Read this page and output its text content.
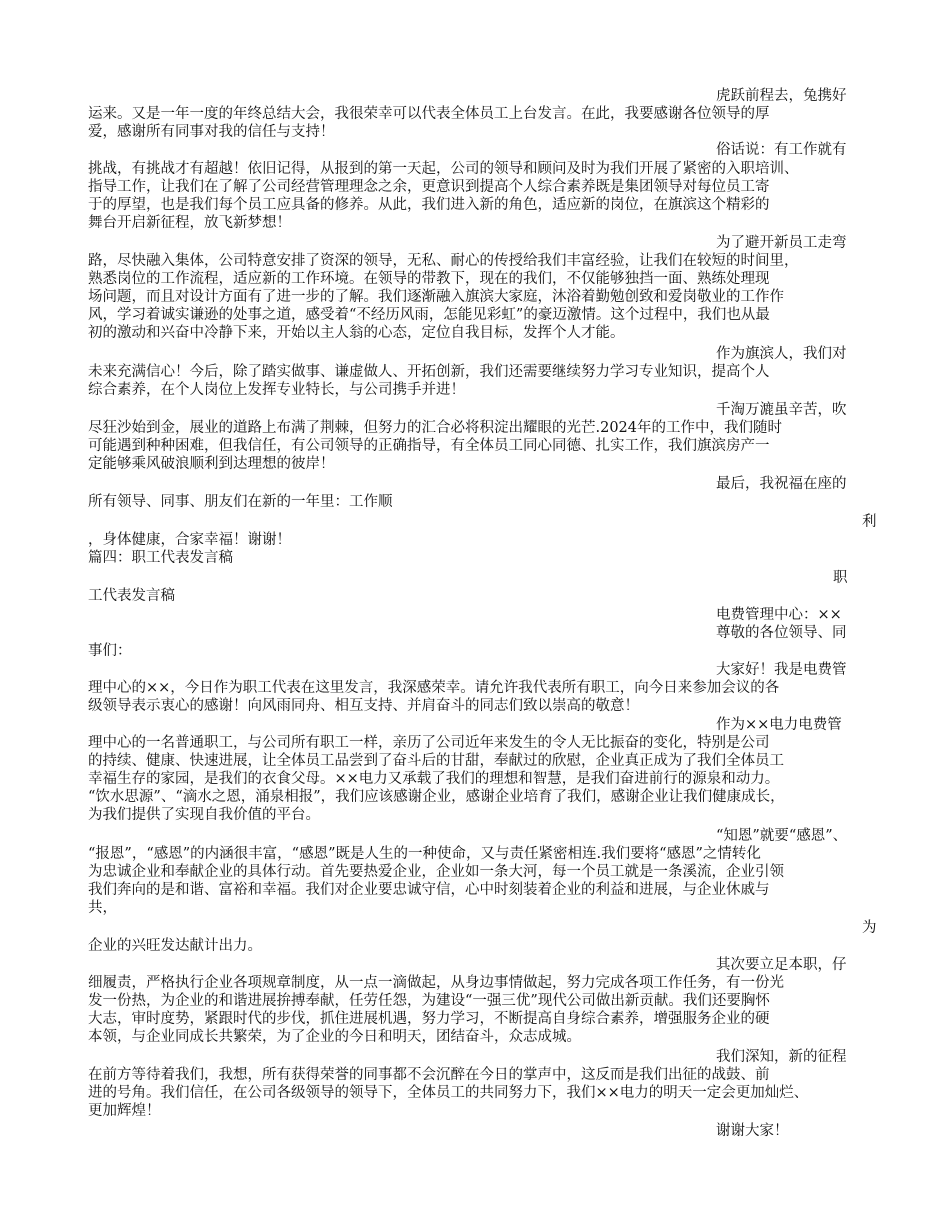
虎跃前程去，兔携好
运来。又是一年一度的年终总结大会，我很荣幸可以代表全体员工上台发言。在此，我要感谢各位领导的厚
爱，感谢所有同事对我的信任与支持！
俗话说：有工作就有
挑战，有挑战才有超越！依旧记得，从报到的第一天起，公司的领导和顾问及时为我们开展了紧密的入职培训、
指导工作，让我们在了解了公司经营管理理念之余，更意识到提高个人综合素养既是集团领导对每位员工寄
于的厚望，也是我们每个员工应具备的修养。从此，我们进入新的角色，适应新的岗位，在旗滨这个精彩的
舞台开启新征程，放飞新梦想！
为了避开新员工走弯
路，尽快融入集体，公司特意安排了资深的领导，无私、耐心的传授给我们丰富经验，让我们在较短的时间里，
熟悉岗位的工作流程，适应新的工作环境。在领导的带教下，现在的我们，不仅能够独挡一面、熟练处理现
场问题，而且对设计方面有了进一步的了解。我们逐渐融入旗滨大家庭，沐浴着勤勉创致和爱岗敬业的工作作
风，学习着诚实谦逊的处事之道，感受着“不经历风雨，怎能见彩虹”的豪迈激情。这个过程中，我们也从最
初的激动和兴奋中冷静下来，开始以主人翁的心态，定位自我目标，发挥个人才能。
作为旗滨人，我们对
未来充满信心！今后，除了踏实做事、谦虚做人、开拓创新，我们还需要继续努力学习专业知识，提高个人
综合素养，在个人岗位上发挥专业特长，与公司携手并进！
千淘万漉虽辛苦，吹
尽狂沙始到金，展业的道路上布满了荆棘，但努力的汇合必将积淀出耀眼的光芒.2024年的工作中，我们随时
可能遇到种种困难，但我信任，有公司领导的正确指导，有全体员工同心同德、扎实工作，我们旗滨房产一
定能够乘风破浪顺利到达理想的彼岸！
最后，我祝福在座的
所有领导、同事、朋友们在新的一年里：工作顺
利
，身体健康，合家幸福！谢谢！
篇四：职工代表发言稿
职
工代表发言稿
电费管理中心：××
尊敬的各位领导、同
事们：
大家好！我是电费管
理中心的××，今日作为职工代表在这里发言，我深感荣幸。请允许我代表所有职工，向今日来参加会议的各
级领导表示衷心的感谢！向风雨同舟、相互支持、并肩奋斗的同志们致以崇高的敬意！
作为××电力电费管
理中心的一名普通职工，与公司所有职工一样，亲历了公司近年来发生的令人无比振奋的变化，特别是公司
的持续、健康、快速进展，让全体员工品尝到了奋斗后的甘甜，奉献过的欣慰，企业真正成为了我们全体员工
幸福生存的家园，是我们的衣食父母。××电力又承载了我们的理想和智慧，是我们奋进前行的源泉和动力。
“饮水思源”、“滴水之恩，涌泉相报”，我们应该感谢企业，感谢企业培育了我们，感谢企业让我们健康成长，
为我们提供了实现自我价值的平台。
“知恩”就要“感恩”、
“报恩”，“感恩”的内涵很丰富，“感恩”既是人生的一种使命，又与责任紧密相连.我们要将“感恩”之情转化
为忠诚企业和奉献企业的具体行动。首先要热爱企业，企业如一条大河，每一个员工就是一条溪流，企业引领
我们奔向的是和谐、富裕和幸福。我们对企业要忠诚守信，心中时刻装着企业的利益和进展，与企业休戚与
共，
为
企业的兴旺发达献计出力。
其次要立足本职，仔
细履责，严格执行企业各项规章制度，从一点一滴做起，从身边事情做起，努力完成各项工作任务，有一份光
发一份热，为企业的和谐进展拚搏奉献，任劳任怨，为建设“一强三优”现代公司做出新贡献。我们还要胸怀
大志，审时度势，紧跟时代的步伐，抓住进展机遇，努力学习，不断提高自身综合素养，增强服务企业的硬
本领，与企业同成长共繁荣，为了企业的今日和明天，团结奋斗，众志成城。
我们深知，新的征程
在前方等待着我们，我想，所有获得荣誉的同事都不会沉醉在今日的掌声中，这反而是我们出征的战鼓、前
进的号角。我们信任，在公司各级领导的领导下，全体员工的共同努力下，我们××电力的明天一定会更加灿烂、
更加辉煌！
谢谢大家！
